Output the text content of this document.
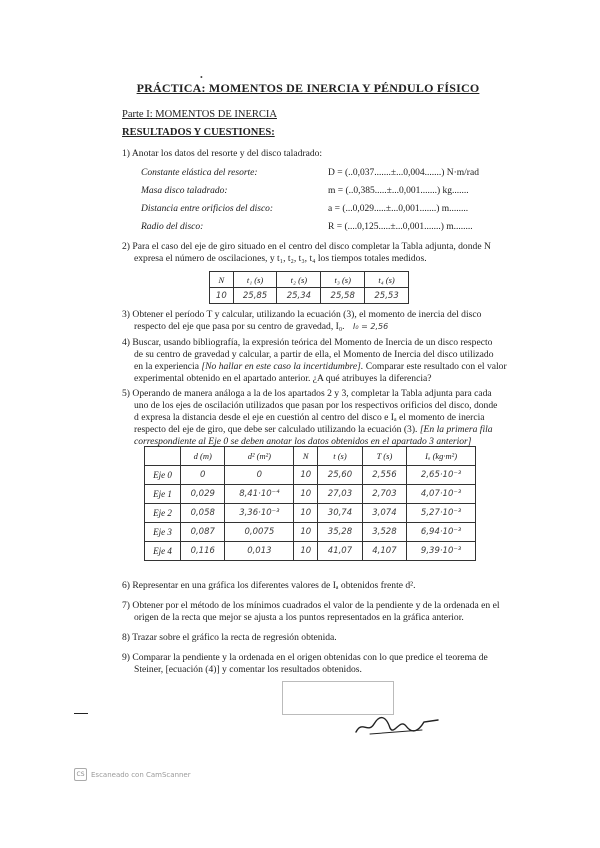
•
PRÁCTICA: MOMENTOS DE INERCIA Y PÉNDULO FÍSICO
Parte I: MOMENTOS DE INERCIA
RESULTADOS Y CUESTIONES:
1) Anotar los datos del resorte y del disco taladrado:
Constante elástica del resorte:	D = (..0,037.......±...0,004.......) N·m/rad
Masa disco taladrado:	m = (..0,385.....±...0,001.......) kg.......
Distancia entre orificios del disco:	a = (...0,029.....±...0,001.......) m........
Radio del disco:	R = (....0,125.....±...0,001.......) m........
2) Para el caso del eje de giro situado en el centro del disco completar la Tabla adjunta, donde N
expresa el número de oscilaciones, y t₁, t₂, t₃, t₄ los tiempos totales medidos.
N	t₁ (s)	t₂ (s)	t₃ (s)	t₄ (s)
10	25,85	25,34	25,58	25,53
3) Obtener el período T y calcular, utilizando la ecuación (3), el momento de inercia del disco
respecto del eje que pasa por su centro de gravedad, I₀. I₀ = 2,56
4) Buscar, usando bibliografía, la expresión teórica del Momento de Inercia de un disco respecto
de su centro de gravedad y calcular, a partir de ella, el Momento de Inercia del disco utilizado
en la experiencia [No hallar en este caso la incertidumbre]. Comparar este resultado con el valor
experimental obtenido en el apartado anterior. ¿A qué atribuyes la diferencia?
5) Operando de manera análoga a la de los apartados 2 y 3, completar la Tabla adjunta para cada
uno de los ejes de oscilación utilizados que pasan por los respectivos orificios del disco, donde
d expresa la distancia desde el eje en cuestión al centro del disco e Iₐ el momento de inercia
respecto del eje de giro, que debe ser calculado utilizando la ecuación (3). [En la primera fila
correspondiente al Eje 0 se deben anotar los datos obtenidos en el apartado 3 anterior]
	d (m)	d² (m²)	N	t (s)	T (s)	Iₐ (kg·m²)
Eje 0	0	0	10	25,60	2,556	2,65·10⁻³
Eje 1	0,029	8,41·10⁻⁴	10	27,03	2,703	4,07·10⁻³
Eje 2	0,058	3,36·10⁻³	10	30,74	3,074	5,27·10⁻³
Eje 3	0,087	0,0075	10	35,28	3,528	6,94·10⁻³
Eje 4	0,116	0,013	10	41,07	4,107	9,39·10⁻³
6) Representar en una gráfica los diferentes valores de Iₐ obtenidos frente d².
7) Obtener por el método de los mínimos cuadrados el valor de la pendiente y de la ordenada en el
origen de la recta que mejor se ajusta a los puntos representados en la gráfica anterior.
8) Trazar sobre el gráfico la recta de regresión obtenida.
9) Comparar la pendiente y la ordenada en el origen obtenidas con lo que predice el teorema de
Steiner, [ecuación (4)] y comentar los resultados obtenidos.
CS Escaneado con CamScanner
